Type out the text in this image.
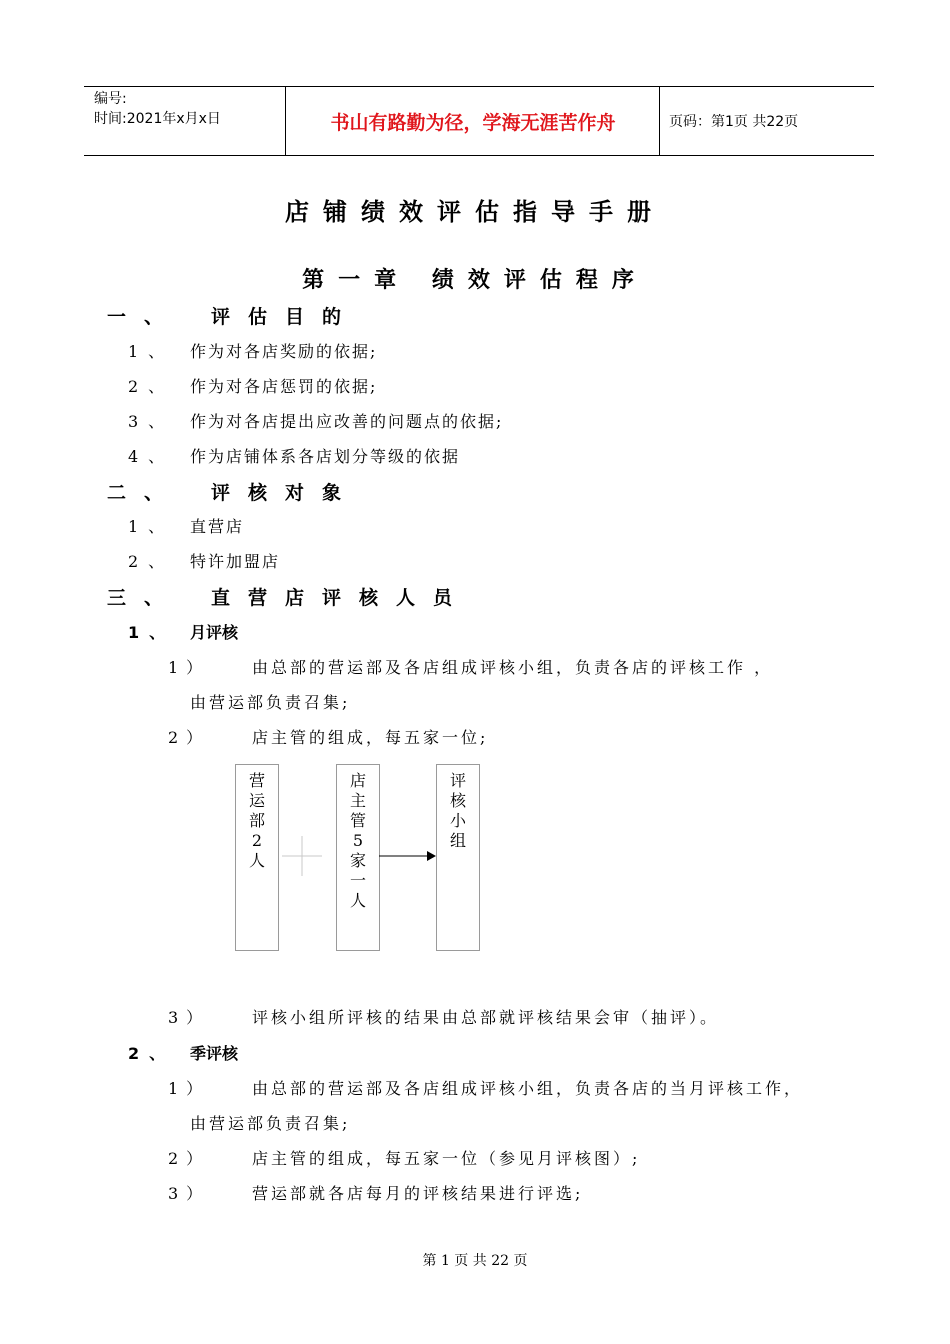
编号:
时间:2021年x月x日	书山有路勤为径，学海无涯苦作舟	页码：第1页 共22页
店铺绩效评估指导手册
第一章 绩效评估程序
一、 评估目的
1、 作为对各店奖励的依据;
2、 作为对各店惩罚的依据;
3、 作为对各店提出应改善的问题点的依据;
4、 作为店铺体系各店划分等级的依据
二、 评核对象
1、 直营店
2、 特许加盟店
三、 直营店评核人员
1、 月评核
1）	由总部的营运部及各店组成评核小组，负责各店的评核工作 ，
由营运部负责召集;
2）	店主管的组成，每五家一位;
营
运
部
2
人
店
主
管
5
家
一
人
评
核
小
组
3）	评核小组所评核的结果由总部就评核结果会审（抽评）。
2、 季评核
1）	由总部的营运部及各店组成评核小组，负责各店的当月评核工作，
由营运部负责召集;
2）	店主管的组成，每五家一位（参见月评核图）;
3）	营运部就各店每月的评核结果进行评选;
第 1 页 共 22 页
